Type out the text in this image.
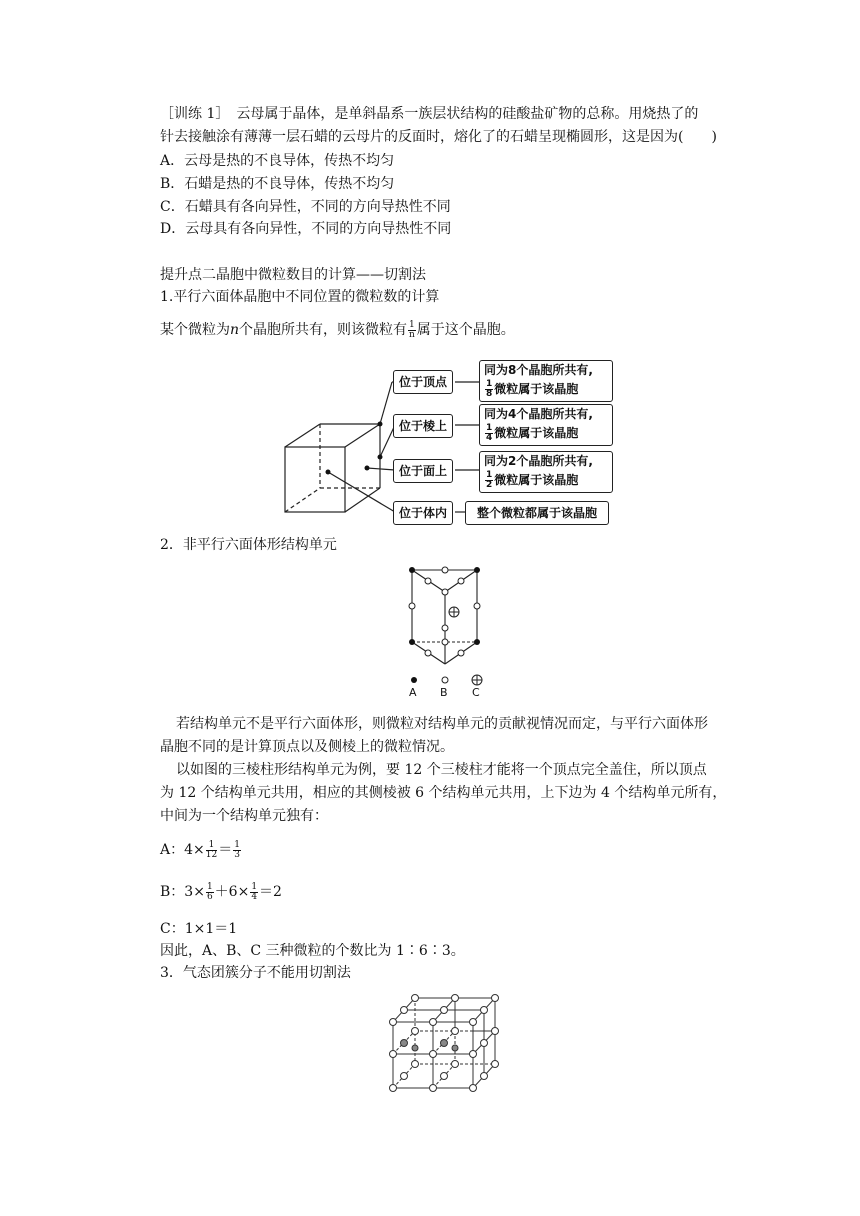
［训练 1］　云母属于晶体，是单斜晶系一族层状结构的硅酸盐矿物的总称。用烧热了的
针去接触涂有薄薄一层石蜡的云母片的反面时，熔化了的石蜡呈现椭圆形，这是因为(　　)
A．云母是热的不良导体，传热不均匀
B．石蜡是热的不良导体，传热不均匀
C．石蜡具有各向异性，不同的方向导热性不同
D．云母具有各向异性，不同的方向导热性不同
提升点二晶胞中微粒数目的计算——切割法
1.平行六面体晶胞中不同位置的微粒数的计算
某个微粒为n个晶胞所共有，则该微粒有 $\frac{1}{n}$ 属于这个晶胞。
位于顶点
位于棱上
位于面上
位于体内
同为8个晶胞所共有,
$\frac{1}{8}$ 微粒属于该晶胞
同为4个晶胞所共有,
$\frac{1}{4}$ 微粒属于该晶胞
同为2个晶胞所共有,
$\frac{1}{2}$ 微粒属于该晶胞
整个微粒都属于该晶胞
2．非平行六面体形结构单元
A B C
若结构单元不是平行六面体形，则微粒对结构单元的贡献视情况而定，与平行六面体形
晶胞不同的是计算顶点以及侧棱上的微粒情况。
以如图的三棱柱形结构单元为例，要 12 个三棱柱才能将一个顶点完全盖住，所以顶点
为 12 个结构单元共用，相应的其侧棱被 6 个结构单元共用，上下边为 4 个结构单元所有，
中间为一个结构单元独有：
A：$4\times \frac{1}{12} = \frac{1}{3}$
B：$3\times \frac{1}{6} +6\times \frac{1}{4} =2$
C：1×1＝1
因此，A、B、C 三种微粒的个数比为 1∶6∶3。
3．气态团簇分子不能用切割法
